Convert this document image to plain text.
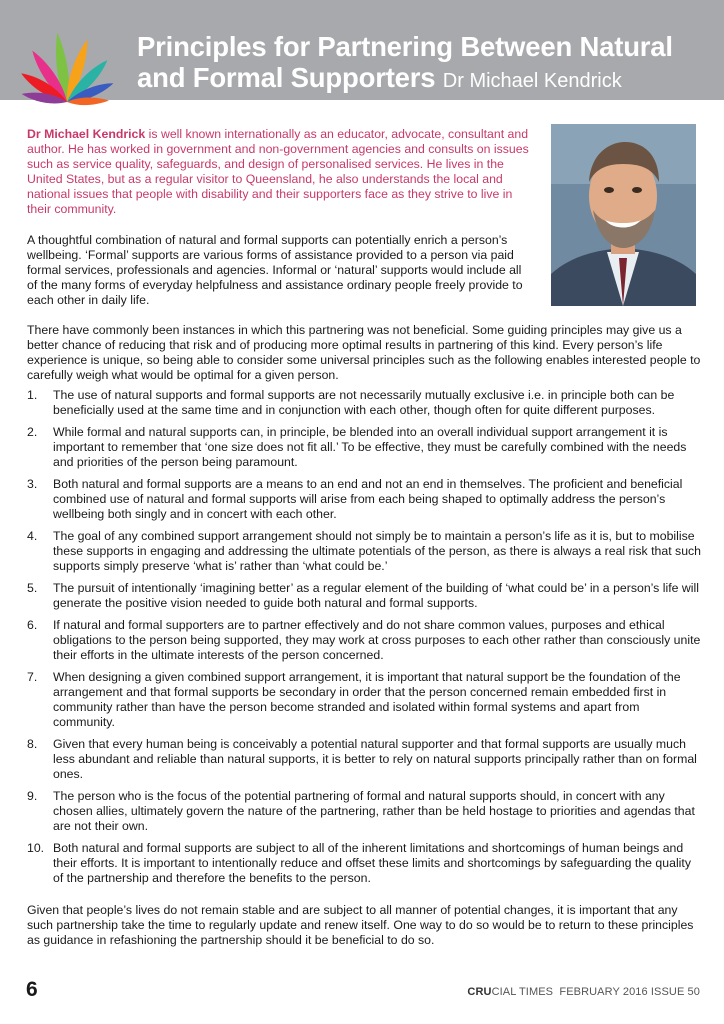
Principles for Partnering Between Natural and Formal Supporters Dr Michael Kendrick

Dr Michael Kendrick is well known internationally as an educator, advocate, consultant and author. He has worked in government and non-government agencies and consults on issues such as service quality, safeguards, and design of personalised services. He lives in the United States, but as a regular visitor to Queensland, he also understands the local and national issues that people with disability and their supporters face as they strive to live in their community.

A thoughtful combination of natural and formal supports can potentially enrich a person’s wellbeing. ‘Formal’ supports are various forms of assistance provided to a person via paid formal services, professionals and agencies. Informal or ‘natural’ supports would include all of the many forms of everyday helpfulness and assistance ordinary people freely provide to each other in daily life.

There have commonly been instances in which this partnering was not beneficial. Some guiding principles may give us a better chance of reducing that risk and of producing more optimal results in partnering of this kind. Every person’s life experience is unique, so being able to consider some universal principles such as the following enables interested people to carefully weigh what would be optimal for a given person.

1. The use of natural supports and formal supports are not necessarily mutually exclusive i.e. in principle both can be beneficially used at the same time and in conjunction with each other, though often for quite different purposes.
2. While formal and natural supports can, in principle, be blended into an overall individual support arrangement it is important to remember that ‘one size does not fit all.’ To be effective, they must be carefully combined with the needs and priorities of the person being paramount.
3. Both natural and formal supports are a means to an end and not an end in themselves. The proficient and beneficial combined use of natural and formal supports will arise from each being shaped to optimally address the person’s wellbeing both singly and in concert with each other.
4. The goal of any combined support arrangement should not simply be to maintain a person’s life as it is, but to mobilise these supports in engaging and addressing the ultimate potentials of the person, as there is always a real risk that such supports simply preserve ‘what is’ rather than ‘what could be.’
5. The pursuit of intentionally ‘imagining better’ as a regular element of the building of ‘what could be’ in a person’s life will generate the positive vision needed to guide both natural and formal supports.
6. If natural and formal supporters are to partner effectively and do not share common values, purposes and ethical obligations to the person being supported, they may work at cross purposes to each other rather than consciously unite their efforts in the ultimate interests of the person concerned.
7. When designing a given combined support arrangement, it is important that natural support be the foundation of the arrangement and that formal supports be secondary in order that the person concerned remain embedded first in community rather than have the person become stranded and isolated within formal systems and apart from community.
8. Given that every human being is conceivably a potential natural supporter and that formal supports are usually much less abundant and reliable than natural supports, it is better to rely on natural supports principally rather than on formal ones.
9. The person who is the focus of the potential partnering of formal and natural supports should, in concert with any chosen allies, ultimately govern the nature of the partnering, rather than be held hostage to priorities and agendas that are not their own.
10. Both natural and formal supports are subject to all of the inherent limitations and shortcomings of human beings and their efforts. It is important to intentionally reduce and offset these limits and shortcomings by safeguarding the quality of the partnership and therefore the benefits to the person.

Given that people’s lives do not remain stable and are subject to all manner of potential changes, it is important that any such partnership take the time to regularly update and renew itself. One way to do so would be to return to these principles as guidance in refashioning the partnership should it be beneficial to do so.

6	CRUCIAL TIMES FEBRUARY 2016 ISSUE 50
